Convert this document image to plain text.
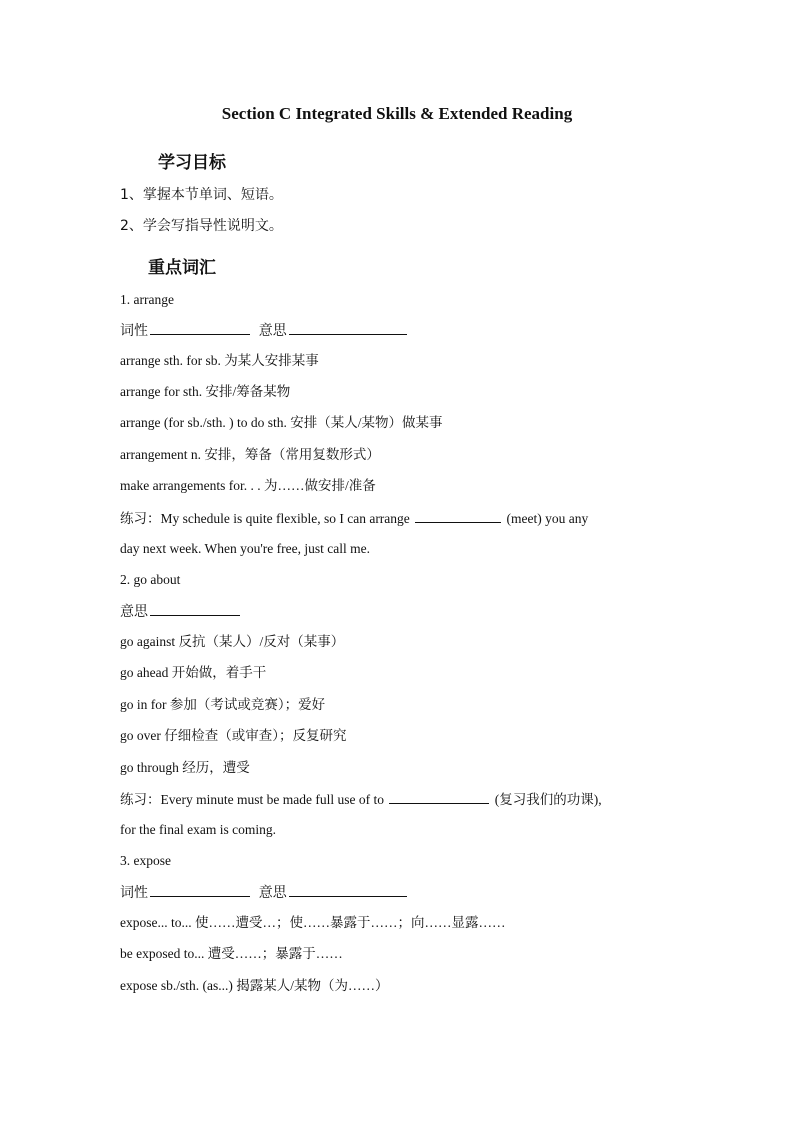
Section C Integrated Skills & Extended Reading
学习目标
1、掌握本节单词、短语。
2、学会写指导性说明文。
重点词汇
1. arrange
词性	意思
arrange sth. for sb. 为某人安排某事
arrange for sth. 安排/筹备某物
arrange (for sb./sth. ) to do sth. 安排（某人/某物）做某事
arrangement n. 安排，筹备（常用复数形式）
make arrangements for. . . 为……做安排/准备
练习：My schedule is quite flexible, so I can arrange	(meet) you any
day next week. When you're free, just call me.
2. go about
意思
go against 反抗（某人）/反对（某事）
go ahead 开始做，着手干
go in for 参加（考试或竞赛）；爱好
go over 仔细检查（或审查）；反复研究
go through 经历，遭受
练习：Every minute must be made full use of to	(复习我们的功课),
for the final exam is coming.
3. expose
词性	意思
expose... to... 使……遭受…；使……暴露于……；向……显露……
be exposed to... 遭受……；暴露于……
expose sb./sth. (as...) 揭露某人/某物（为……）
